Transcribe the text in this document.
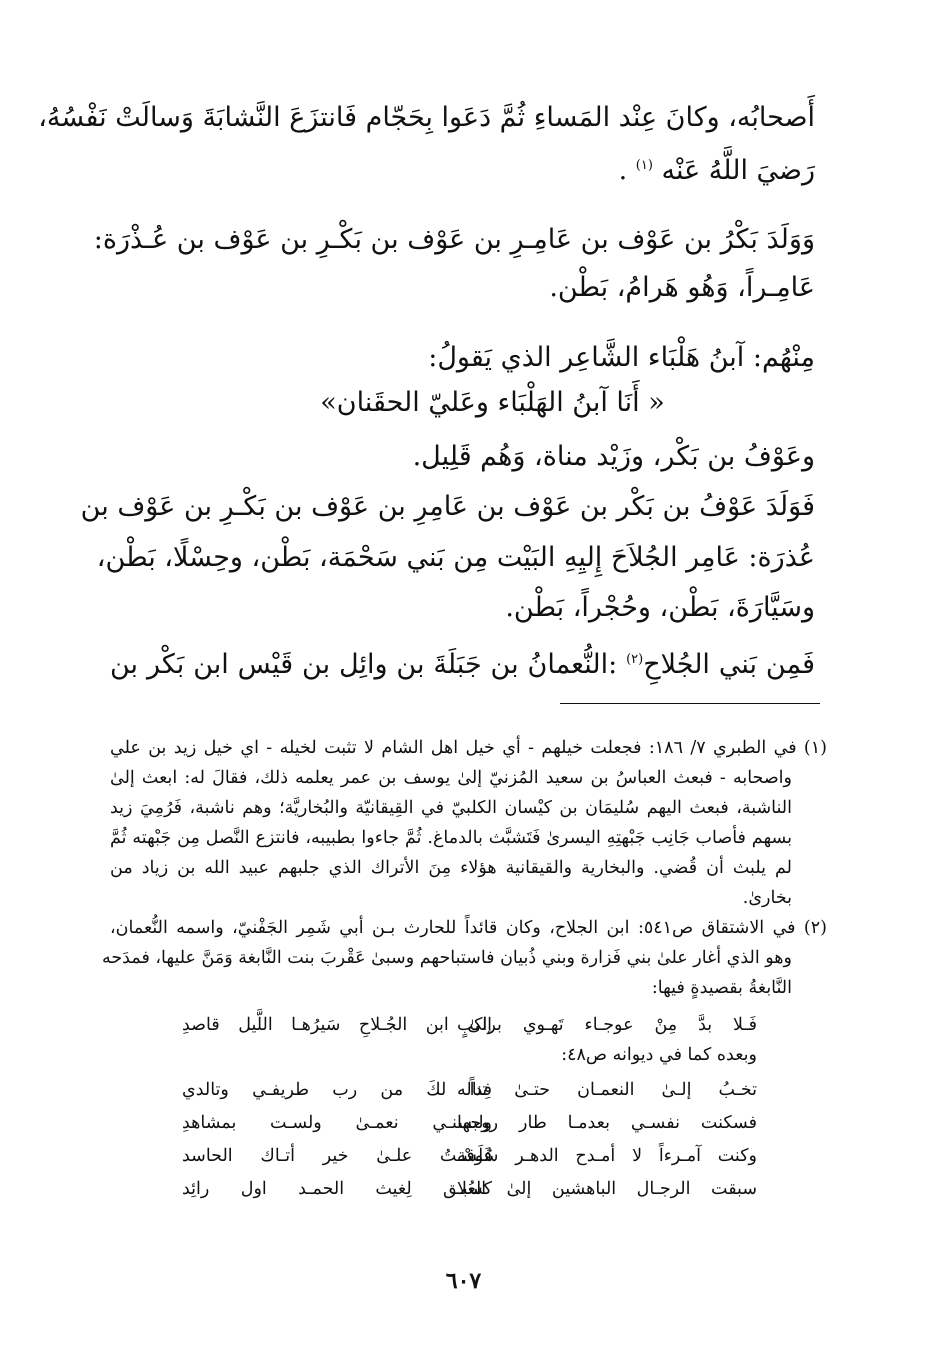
أَصحابُه، وكانَ عِنْد المَساءِ ثُمَّ دَعَوا بِحَجّام فَانتزَعَ النَّشابَةَ وَسالَتْ نَفْسُهُ،
رَضيَ اللَّهُ عَنْه $^{(١)}$ .
وَوَلَدَ بَكْرُ بن عَوْف بن عَامِـرِ بن عَوْف بن بَكْـرِ بن عَوْف بن عُـذْرَة:
عَامِـراً، وَهُو هَرامُ، بَطْن.
مِنْهُم: آبنُ هَلْبَاء الشَّاعِر الذي يَقولُ:
« أَنَا آبنُ الهَلْبَاء وعَليّ الحقَنان»
وعَوْفُ بن بَكْر، وزَيْد مناة، وَهُم قَلِيل.
فَوَلَدَ عَوْفُ بن بَكْر بن عَوْف بن عَامِرِ بن عَوْف بن بَكْـرِ بن عَوْف بن
عُذرَة: عَامِر الجُلاَحَ إِليِهِ البَيْت مِن بَني سَحْمَة، بَطْن، وحِسْلًا، بَطْن،
وسَيَّارَةَ، بَطْن، وحُجْراً، بَطْن.
فَمِن بَني الجُلاحِ$^{(٢)}$ :النُّعمانُ بن جَبَلَةَ بن وائِل بن قَيْس ابن بَكْر بن
(١) في الطبري ٧/ ١٨٦: فجعلت خيلهم - أي خيل اهل الشام لا تثبت لخيله - اي خيل زيد بن علي
واصحابه - فبعث العباسُ بن سعيد المُزنيّ إلىٰ يوسف بن عمر يعلمه ذلك، فقالَ له: ابعث إلىٰ
الناشبة، فبعث اليهم سُليمَان بن كيْسان الكلبيّ في القِيقانيّة والبُخاريَّة؛ وهم ناشبة، فَرُمِيَ زيد
بسهم فأصاب جَانِب جَبْهتِهِ اليسرىٰ فَتَشبَّث بالدماغ. ثُمَّ جاءوا بطبيبه، فانتزع النَّصل مِن جَبْهته ثُمَّ
لم يلبث أن قُضي. والبخارية والقيقانية هؤلاء مِنَ الأتراك الذي جلبهم عبيد الله بن زياد من
بخارىٰ.
(٢) في الاشتقاق ص٥٤١: ابن الجلاح، وكان قائداً للحارث بـن أبي شَمِر الجَفْنيّ، واسمه النُّعمان،
وهو الذي أغار علىٰ بني فَزارة وبني ذُبيان فاستباحهم وسبىٰ عَقْربَ بنت النَّابغة وَمَنَّ عليها، فمدَحه
النَّابغةُ بقصيدةٍ فيها:
فَـلا بدَّ مِنْ عوجـاء تَهـوي براكبٍ
إلىٰ ابن الجُـلاحِ سَيرُهـا اللَّيل قاصدِ
وبعده كما في ديوانه ص٤٨:
تخـبُ إلـىٰ النعمـان حتـىٰ تناله
فِداً لكَ من رب طريفـي وتالدي
فسكنت نفسـي بعدمـا طار روحها
ولبسنـي نعمـىٰ ولسـت بمشاهدِ
وكنت آمـرءاً لا أمـدح الدهـر سُوقة
فَلَسْـتُ علـىٰ خير أتـاك الحاسد
سبقت الرجـال الباهشين إلىٰ العُلا
كسبـق لِغيث الحمـد اول رائِد
٦٠٧
